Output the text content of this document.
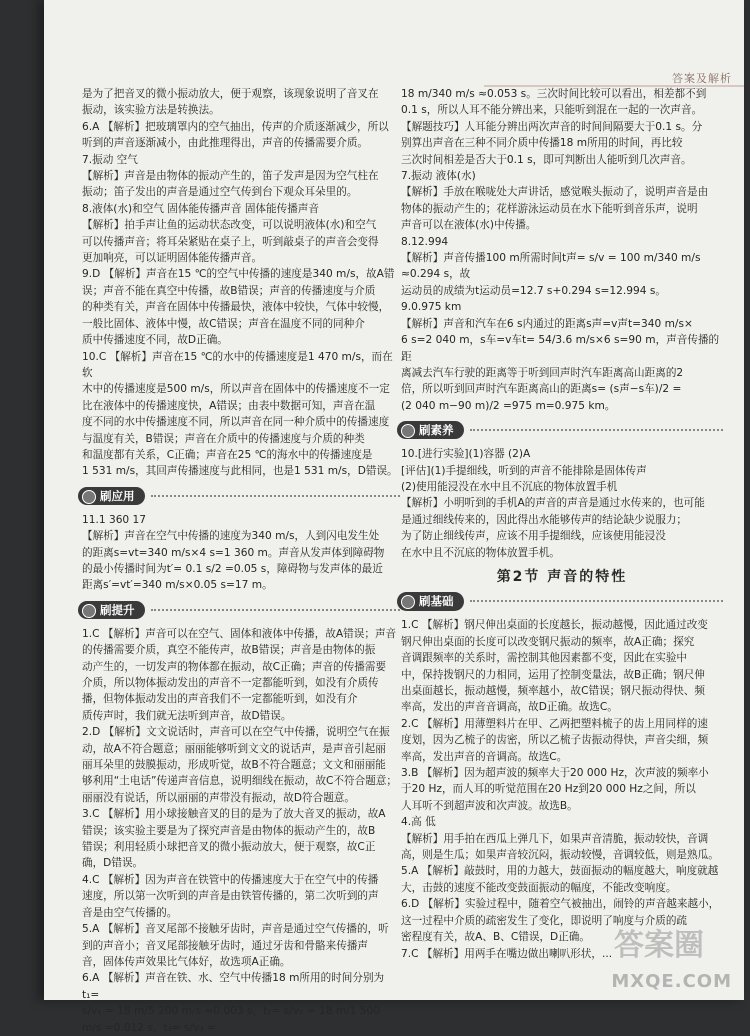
答案及解析

是为了把音叉的微小振动放大，便于观察，该现象说明了音叉在

振动，该实验方法是转换法。

6.A 【解析】把玻璃罩内的空气抽出，传声的介质逐渐减少，所以

听到的声音逐渐减小，由此推理得出，声音的传播需要介质。

7.振动 空气

【解析】声音是由物体的振动产生的，笛子发声是因为空气柱在

振动；笛子发出的声音是通过空气传到台下观众耳朵里的。

8.液体(水)和空气 固体能传播声音 固体能传播声音

【解析】拍手声让鱼的运动状态改变，可以说明液体(水)和空气

可以传播声音；将耳朵紧贴在桌子上，听到敲桌子的声音会变得

更加响亮，可以证明固体能传播声音。

9.D 【解析】声音在15 ℃的空气中传播的速度是340 m/s，故A错

误；声音不能在真空中传播，故B错误；声音的传播速度与介质

的种类有关，声音在固体中传播最快，液体中较快，气体中较慢，

一般比固体、液体中慢，故C错误；声音在温度不同的同种介

质中传播速度不同，故D正确。

10.C 【解析】声音在15 ℃的水中的传播速度是1 470 m/s，而在软

木中的传播速度是500 m/s，所以声音在固体中的传播速度不一定

比在液体中的传播速度快，A错误；由表中数据可知，声音在温

度不同的水中传播速度不同，所以声音在同一种介质中的传播速度

与温度有关，B错误；声音在介质中的传播速度与介质的种类

和温度都有关系，C正确；声音在25 ℃的海水中的传播速度是

1 531 m/s，其回声传播速度与此相同，也是1 531 m/s，D错误。

刷应用

11.1 360 17

【解析】声音在空气中传播的速度为340 m/s，人到闪电发生处

的距离s=vt=340 m/s×4 s=1 360 m。声音从发声体到障碍物

的最小传播时间为t′= 0.1 s/2 =0.05 s，障碍物与发声体的最近

距离s′=vt′=340 m/s×0.05 s=17 m。

刷提升

1.C 【解析】声音可以在空气、固体和液体中传播，故A错误；声音

的传播需要介质，真空不能传声，故B错误；声音是由物体的振

动产生的，一切发声的物体都在振动，故C正确；声音的传播需要

介质，所以物体振动发出的声音不一定都能听到，如没有介质传

播，但物体振动发出的声音我们不一定都能听到，如没有介

质传声时，我们就无法听到声音，故D错误。

2.D 【解析】文文说话时，声音可以在空气中传播，说明空气在振

动，故A不符合题意；丽丽能够听到文文的说话声，是声音引起丽

丽耳朵里的鼓膜振动，形成听觉，故B不符合题意；文文和丽丽能

够利用“土电话”传递声音信息，说明细线在振动，故C不符合题意；

丽丽没有说话，所以丽丽的声带没有振动，故D符合题意。

3.C 【解析】用小球接触音叉的目的是为了放大音叉的振动，故A

错误；该实验主要是为了探究声音是由物体的振动产生的，故B

错误；利用轻质小球把音叉的微小振动放大，便于观察，故C正

确，D错误。

4.C 【解析】因为声音在铁管中的传播速度大于在空气中的传播

速度，所以第一次听到的声音是由铁管传播的，第二次听到的声

音是由空气传播的。

5.A 【解析】音叉尾部不接触牙齿时，声音是通过空气传播的，听

到的声音小；音叉尾部接触牙齿时，通过牙齿和骨骼来传播声

音，固体传声效果比气体好，故选项A正确。

6.A 【解析】声音在铁、水、空气中传播18 m所用的时间分别为t₁=

s/v₁ = 18 m/5 200 m/s ≈0.003 s，t₂= s/v₂ = 18 m/1 500 m/s =0.012 s，t₃= s/v₃ =

18 m/340 m/s ≈0.053 s。三次时间比较可以看出，相差都不到

0.1 s，所以人耳不能分辨出来，只能听到混在一起的一次声音。

【解题技巧】人耳能分辨出两次声音的时间间隔要大于0.1 s。分

别算出声音在三种不同介质中传播18 m所用的时间，再比较

三次时间相差是否大于0.1 s，即可判断出人能听到几次声音。

7.振动 液体(水)

【解析】手放在喉咙处大声讲话，感觉喉头振动了，说明声音是由

物体的振动产生的；花样游泳运动员在水下能听到音乐声，说明

声音可以在液体(水)中传播。

8.12.994

【解析】声音传播100 m所需时间t声= s/v = 100 m/340 m/s ≈0.294 s，故

运动员的成绩为t运动员=12.7 s+0.294 s=12.994 s。

9.0.975 km

【解析】声音和汽车在6 s内通过的距离s声=v声t=340 m/s×

6 s=2 040 m，s车=v车t= 54/3.6 m/s×6 s=90 m，声音传播的距

离减去汽车行驶的距离等于听到回声时汽车距离高山距离的2

倍，所以听到回声时汽车距离高山的距离s= (s声−s车)/2 =

(2 040 m−90 m)/2 =975 m=0.975 km。

刷素养

10.[进行实验](1)容器 (2)A

[评估](1)手提细线，听到的声音不能排除是固体传声

(2)使用能浸没在水中且不沉底的物体放置手机

【解析】小明听到的手机A的声音的声音是通过水传来的，也可能

是通过细线传来的，因此得出水能够传声的结论缺少说服力；

为了防止细线传声，应该不用手提细线，应该使用能浸没

在水中且不沉底的物体放置手机。

第2节 声音的特性
刷基础

1.C 【解析】钢尺伸出桌面的长度越长，振动越慢，因此通过改变

钢尺伸出桌面的长度可以改变钢尺振动的频率，故A正确；探究

音调跟频率的关系时，需控制其他因素都不变，因此在实验中

中，保持拨钢尺的力相同，运用了控制变量法，故B正确；钢尺伸

出桌面越长，振动越慢，频率越小，故C错误；钢尺振动得快、频

率高，发出的声音音调高，故D正确。故选C。

2.C 【解析】用薄塑料片在甲、乙两把塑料梳子的齿上用同样的速

度划，因为乙梳子的齿密，所以乙梳子齿振动得快，声音尖细，频

率高，发出声音的音调高。故选C。

3.B 【解析】因为超声波的频率大于20 000 Hz，次声波的频率小

于20 Hz，而人耳的听觉范围在20 Hz到20 000 Hz之间，所以

人耳听不到超声波和次声波。故选B。

4.高 低

【解析】用手拍在西瓜上弹几下，如果声音清脆，振动较快，音调

高，则是生瓜；如果声音较沉闷，振动较慢，音调较低，则是熟瓜。

5.A 【解析】敲鼓时，用的力越大，鼓面振动的幅度越大，响度就越

大，击鼓的速度不能改变鼓面振动的幅度，不能改变响度。

6.D 【解析】实验过程中，随着空气被抽出，闹铃的声音越来越小，

这一过程中介质的疏密发生了变化，即说明了响度与介质的疏

密程度有关，故A、B、C错误，D正确。

7.C 【解析】用两手在嘴边做出喇叭形状，... 答案圈
MXQE.COM
